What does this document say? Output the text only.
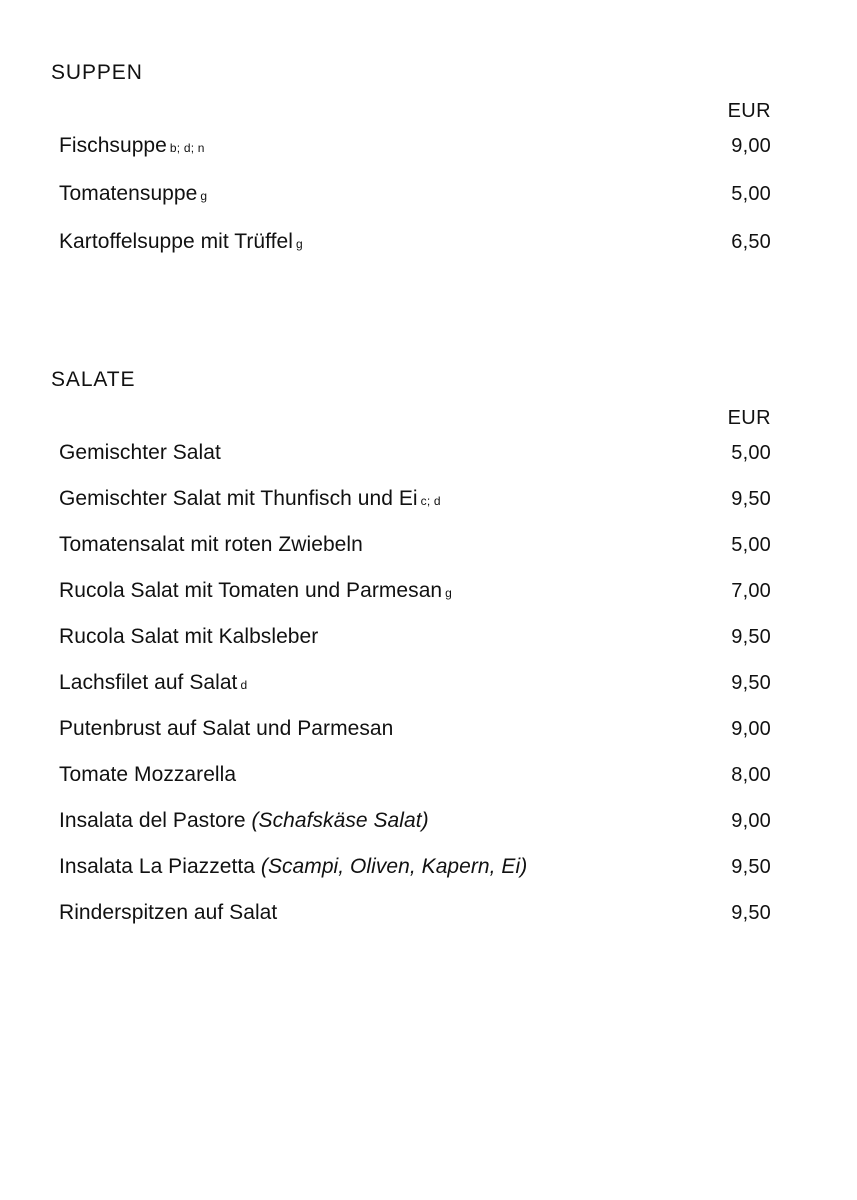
SUPPEN
EUR
Fischsuppe b; d; n	9,00
Tomatensuppe g	5,00
Kartoffelsuppe mit Trüffel g	6,50
SALATE
EUR
Gemischter Salat	5,00
Gemischter Salat mit Thunfisch und Ei c; d	9,50
Tomatensalat mit roten Zwiebeln	5,00
Rucola Salat mit Tomaten und Parmesan g	7,00
Rucola Salat mit Kalbsleber	9,50
Lachsfilet auf Salat d	9,50
Putenbrust auf Salat und Parmesan	9,00
Tomate Mozzarella	8,00
Insalata del Pastore (Schafskäse Salat)	9,00
Insalata La Piazzetta (Scampi, Oliven, Kapern, Ei)	9,50
Rinderspitzen auf Salat	9,50
